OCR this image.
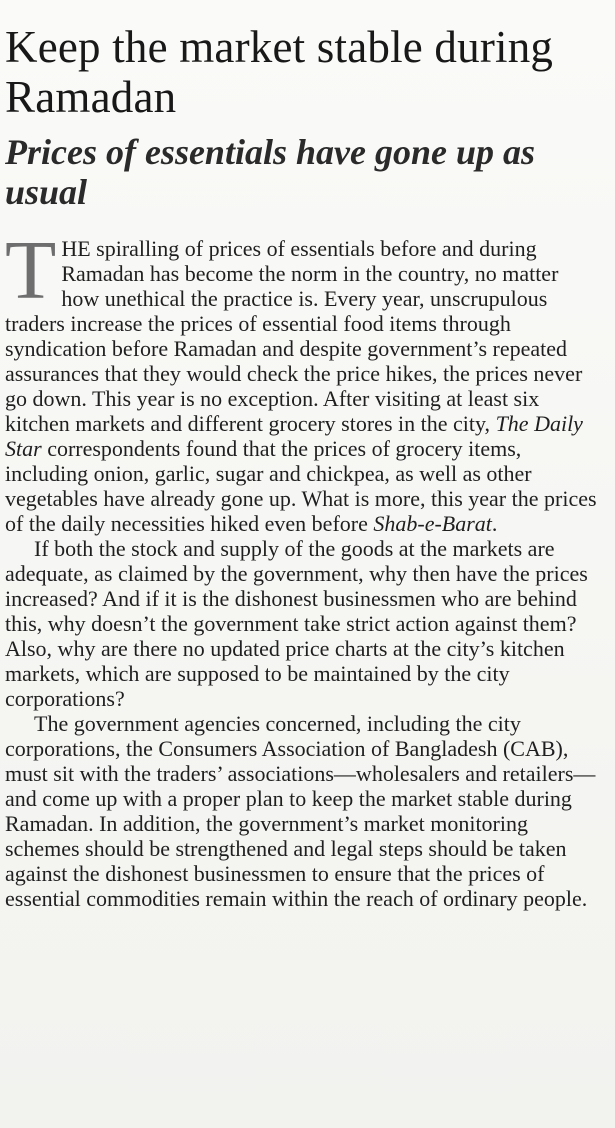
Keep the market stable during Ramadan
Prices of essentials have gone up as usual

THE spiralling of prices of essentials before and during Ramadan has become the norm in the country, no matter how unethical the practice is. Every year, unscrupulous traders increase the prices of essential food items through syndication before Ramadan and despite government’s repeated assurances that they would check the price hikes, the prices never go down. This year is no exception. After visiting at least six kitchen markets and different grocery stores in the city, The Daily Star correspondents found that the prices of grocery items, including onion, garlic, sugar and chickpea, as well as other vegetables have already gone up. What is more, this year the prices of the daily necessities hiked even before Shab-e-Barat.

If both the stock and supply of the goods at the markets are adequate, as claimed by the government, why then have the prices increased? And if it is the dishonest businessmen who are behind this, why doesn’t the government take strict action against them? Also, why are there no updated price charts at the city’s kitchen markets, which are supposed to be maintained by the city corporations?

The government agencies concerned, including the city corporations, the Consumers Association of Bangladesh (CAB), must sit with the traders’ associations—wholesalers and retailers—and come up with a proper plan to keep the market stable during Ramadan. In addition, the government’s market monitoring schemes should be strengthened and legal steps should be taken against the dishonest businessmen to ensure that the prices of essential commodities remain within the reach of ordinary people.
